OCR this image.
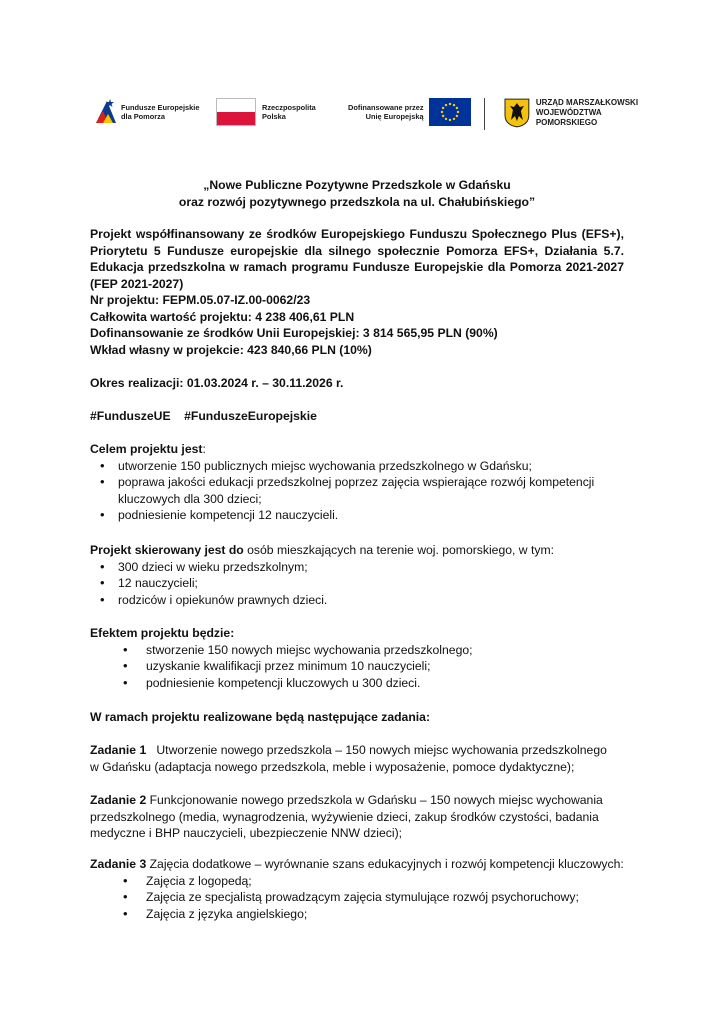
Fundusze Europejskie
dla Pomorza
Rzeczpospolita
Polska
Dofinansowane przez
Unię Europejską
URZĄD MARSZAŁKOWSKI
WOJEWÓDZTWA POMORSKIEGO
„Nowe Publiczne Pozytywne Przedszkole w Gdańsku
oraz rozwój pozytywnego przedszkola na ul. Chałubińskiego”

Projekt współfinansowany ze środków Europejskiego Funduszu Społecznego Plus (EFS+), Priorytetu 5 Fundusze europejskie dla silnego społecznie Pomorza EFS+, Działania 5.7. Edukacja przedszkolna w ramach programu Fundusze Europejskie dla Pomorza 2021-2027 (FEP 2021-2027)

Nr projektu: FEPM.05.07-IZ.00-0062/23
Całkowita wartość projektu: 4 238 406,61 PLN
Dofinansowanie ze środków Unii Europejskiej: 3 814 565,95 PLN (90%)
Wkład własny w projekcie: 423 840,66 PLN (10%)
Okres realizacji: 01.03.2024 r. – 30.11.2026 r.
#FunduszeUE    #FunduszeEuropejskie
Celem projektu jest:
• utworzenie 150 publicznych miejsc wychowania przedszkolnego w Gdańsku;
• poprawa jakości edukacji przedszkolnej poprzez zajęcia wspierające rozwój kompetencji kluczowych dla 300 dzieci;
• podniesienie kompetencji 12 nauczycieli.
Projekt skierowany jest do osób mieszkających na terenie woj. pomorskiego, w tym:
• 300 dzieci w wieku przedszkolnym;
• 12 nauczycieli;
• rodziców i opiekunów prawnych dzieci.
Efektem projektu będzie:
• stworzenie 150 nowych miejsc wychowania przedszkolnego;
• uzyskanie kwalifikacji przez minimum 10 nauczycieli;
• podniesienie kompetencji kluczowych u 300 dzieci.
W ramach projektu realizowane będą następujące zadania:
Zadanie 1   Utworzenie nowego przedszkola – 150 nowych miejsc wychowania przedszkolnego
w Gdańsku (adaptacja nowego przedszkola, meble i wyposażenie, pomoce dydaktyczne);
Zadanie 2 Funkcjonowanie nowego przedszkola w Gdańsku – 150 nowych miejsc wychowania przedszkolnego (media, wynagrodzenia, wyżywienie dzieci, zakup środków czystości, badania medyczne i BHP nauczycieli, ubezpieczenie NNW dzieci);
Zadanie 3 Zajęcia dodatkowe – wyrównanie szans edukacyjnych i rozwój kompetencji kluczowych:
• Zajęcia z logopedą;
• Zajęcia ze specjalistą prowadzącym zajęcia stymulujące rozwój psychoruchowy;
• Zajęcia z języka angielskiego;
